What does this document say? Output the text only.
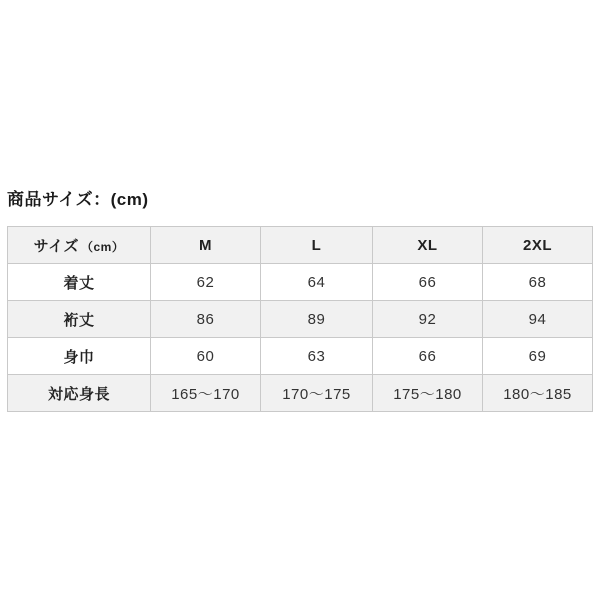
商品サイズ：(cm)
サイズ （cm）	M	L	XL	2XL
着丈	62	64	66	68
裄丈	86	89	92	94
身巾	60	63	66	69
対応身長	165～170	170～175	175～180	180～185
